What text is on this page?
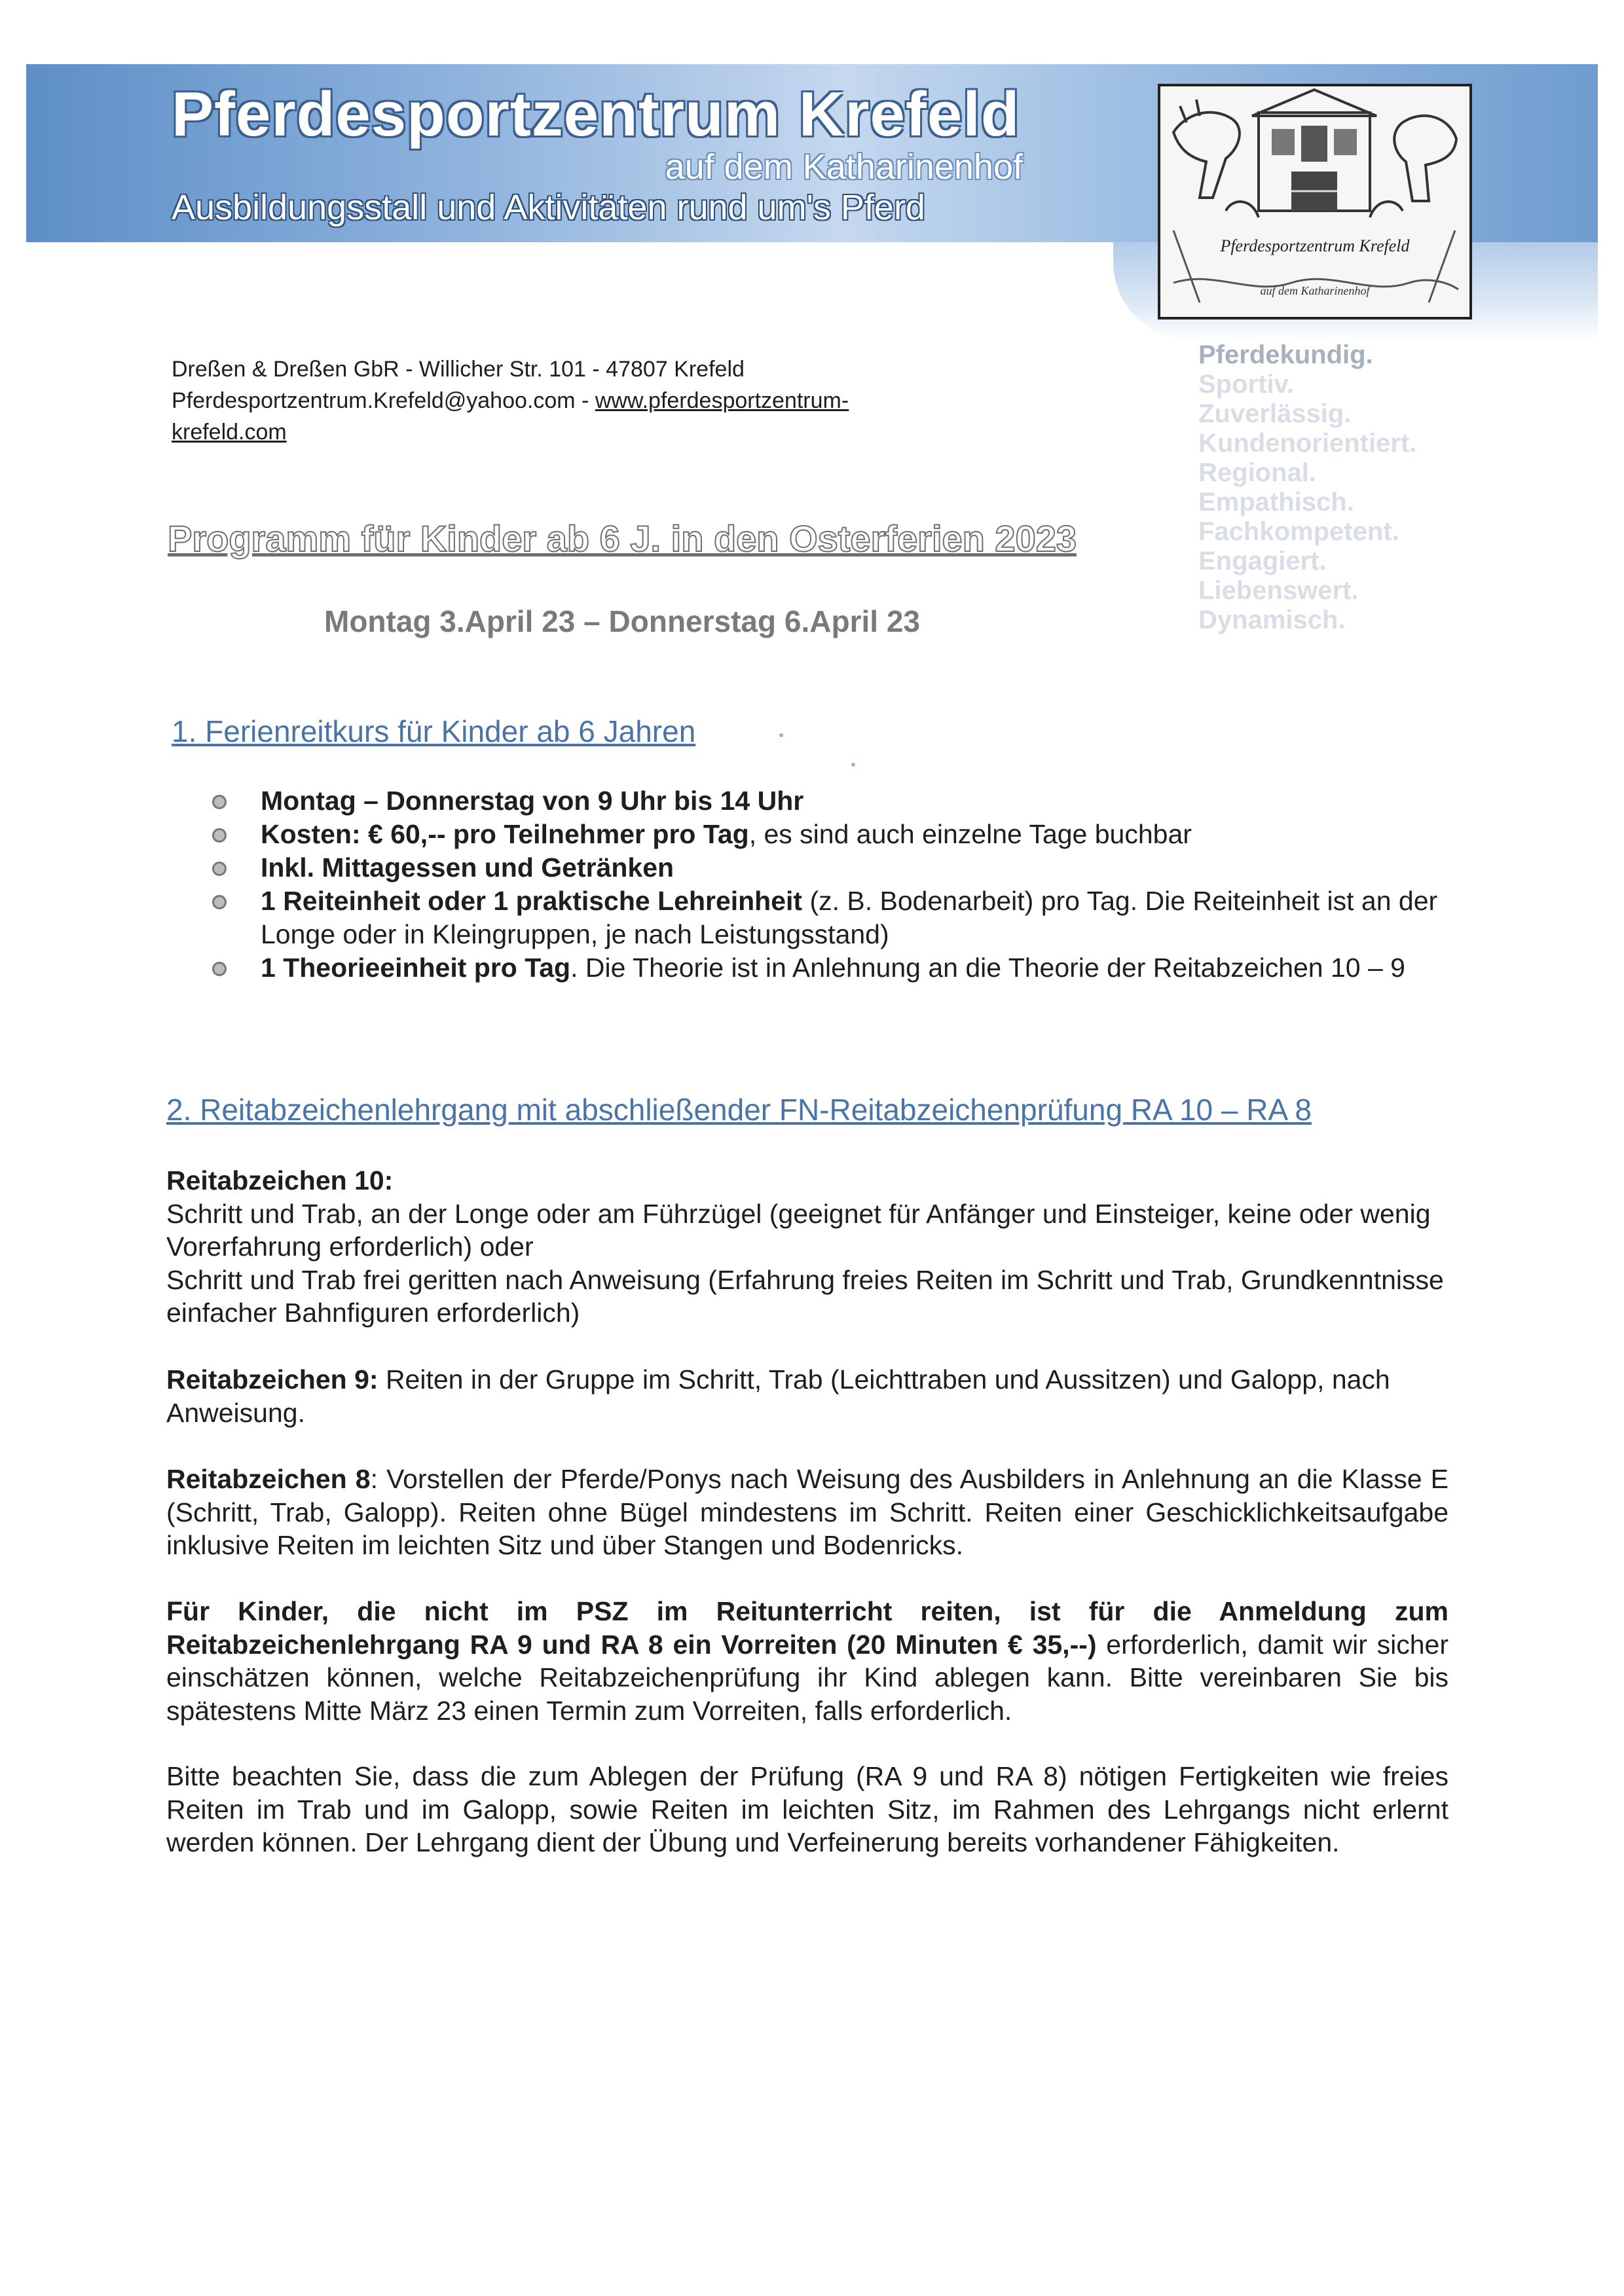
Pferdesportzentrum Krefeld
auf dem Katharinenhof
Ausbildungsstall und Aktivitäten rund um's Pferd
Pferdesportzentrum Krefeld
auf dem Katharinenhof
Dreßen & Dreßen GbR - Willicher Str. 101 - 47807 Krefeld
Pferdesportzentrum.Krefeld@yahoo.com - www.pferdesportzentrum-
krefeld.com
Pferdekundig.
Sportiv.
Zuverlässig.
Kundenorientiert.
Regional.
Empathisch.
Fachkompetent.
Engagiert.
Liebenswert.
Dynamisch.
Programm für Kinder ab 6 J. in den Osterferien 2023
Montag 3.April 23 – Donnerstag 6.April 23
1. Ferienreitkurs für Kinder ab 6 Jahren
Montag – Donnerstag von 9 Uhr bis 14 Uhr
Kosten: € 60,-- pro Teilnehmer pro Tag, es sind auch einzelne Tage buchbar
Inkl. Mittagessen und Getränken
1 Reiteinheit oder 1 praktische Lehreinheit (z. B. Bodenarbeit) pro Tag. Die Reiteinheit ist an der Longe oder in Kleingruppen, je nach Leistungsstand)
1 Theorieeinheit pro Tag. Die Theorie ist in Anlehnung an die Theorie der Reitabzeichen 10 – 9
2. Reitabzeichenlehrgang mit abschließender FN-Reitabzeichenprüfung RA 10 – RA 8
Reitabzeichen 10:
Schritt und Trab, an der Longe oder am Führzügel (geeignet für Anfänger und Einsteiger, keine oder wenig Vorerfahrung erforderlich) oder
Schritt und Trab frei geritten nach Anweisung (Erfahrung freies Reiten im Schritt und Trab, Grundkenntnisse einfacher Bahnfiguren erforderlich)
Reitabzeichen 9: Reiten in der Gruppe im Schritt, Trab (Leichttraben und Aussitzen) und Galopp, nach Anweisung.
Reitabzeichen 8: Vorstellen der Pferde/Ponys nach Weisung des Ausbilders in Anlehnung an die Klasse E (Schritt, Trab, Galopp). Reiten ohne Bügel mindestens im Schritt. Reiten einer Geschicklichkeitsaufgabe inklusive Reiten im leichten Sitz und über Stangen und Bodenricks.
Für Kinder, die nicht im PSZ im Reitunterricht reiten, ist für die Anmeldung zum Reitabzeichenlehrgang RA 9 und RA 8 ein Vorreiten (20 Minuten € 35,--) erforderlich, damit wir sicher einschätzen können, welche Reitabzeichenprüfung ihr Kind ablegen kann. Bitte vereinbaren Sie bis spätestens Mitte März 23 einen Termin zum Vorreiten, falls erforderlich.
Bitte beachten Sie, dass die zum Ablegen der Prüfung (RA 9 und RA 8) nötigen Fertigkeiten wie freies Reiten im Trab und im Galopp, sowie Reiten im leichten Sitz, im Rahmen des Lehrgangs nicht erlernt werden können. Der Lehrgang dient der Übung und Verfeinerung bereits vorhandener Fähigkeiten.
